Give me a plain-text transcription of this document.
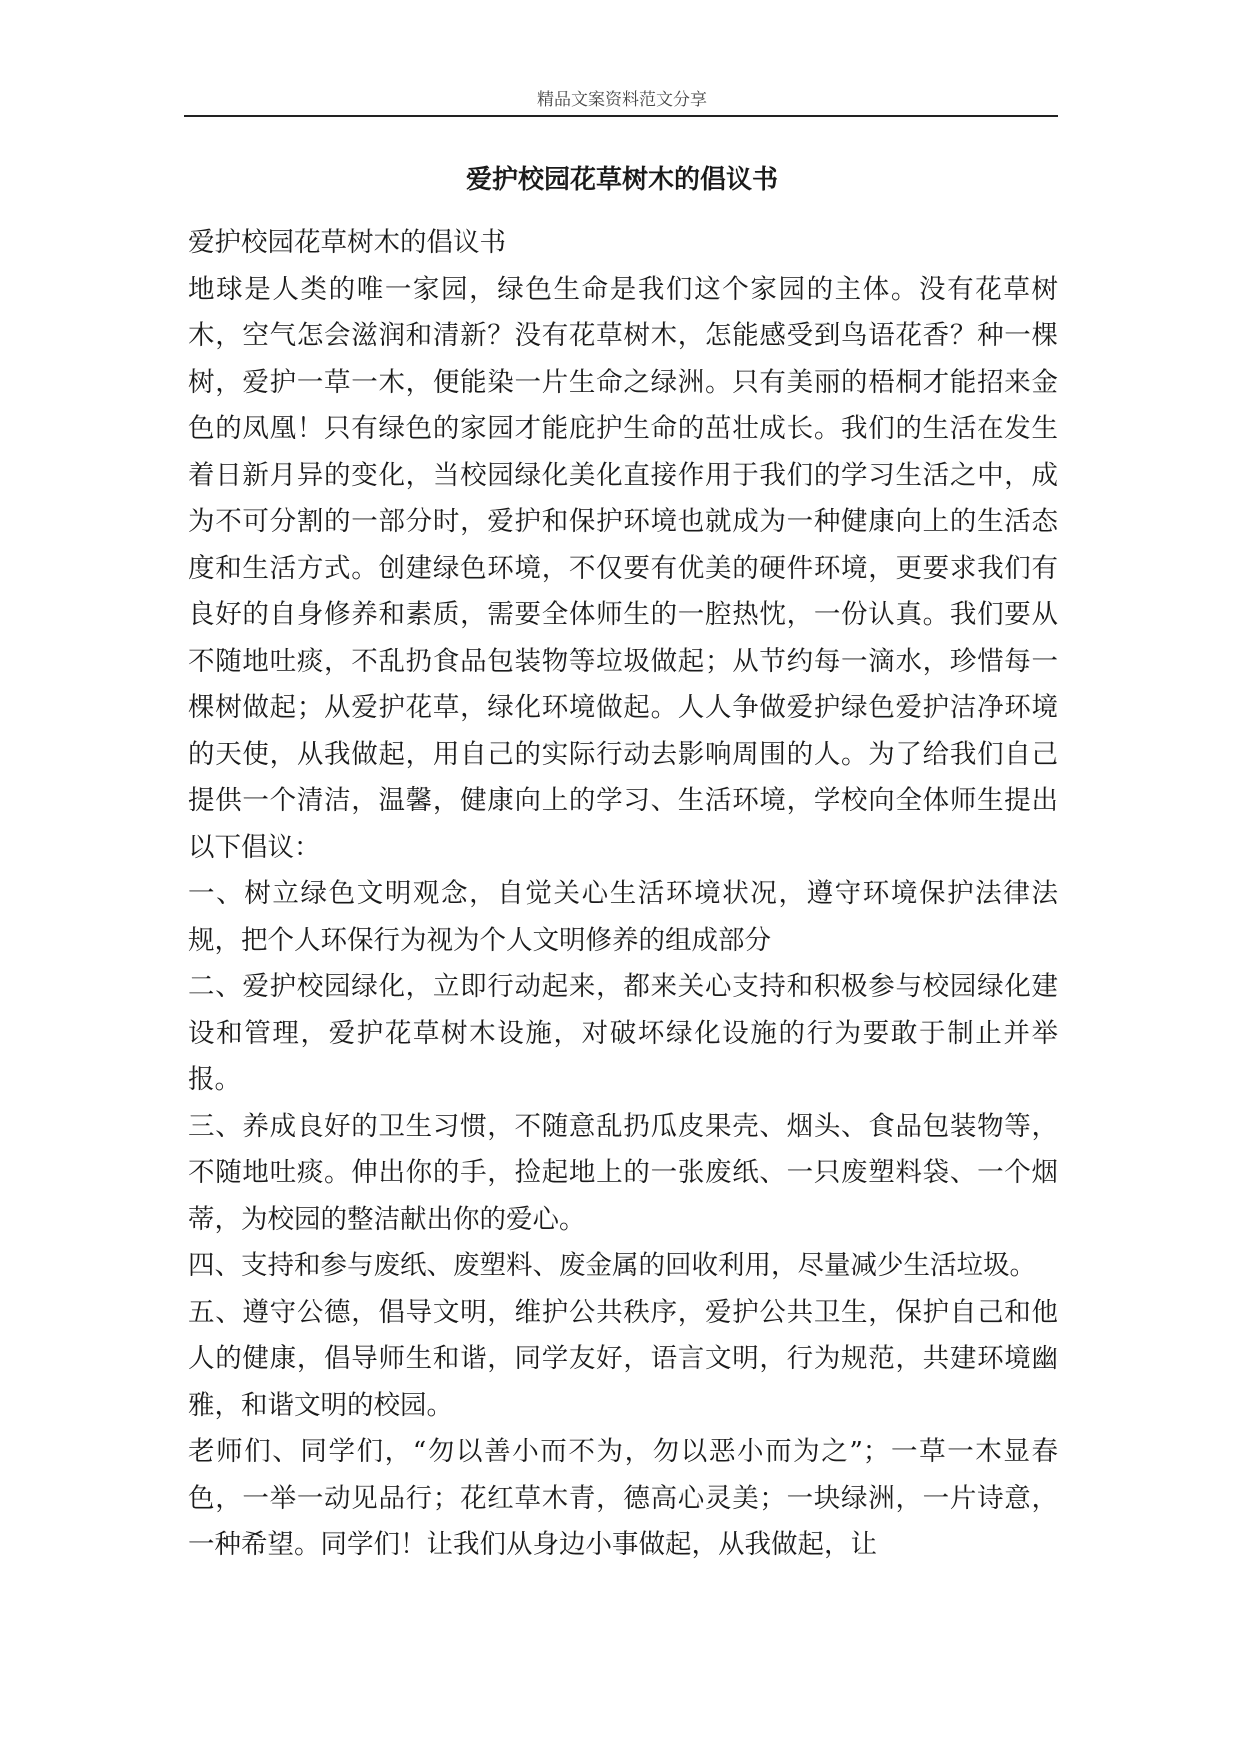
精品文案资料范文分享
爱护校园花草树木的倡议书

爱护校园花草树木的倡议书

地球是人类的唯一家园，绿色生命是我们这个家园的主体。没有花草树木，空气怎会滋润和清新？没有花草树木，怎能感受到鸟语花香？种一棵树，爱护一草一木，便能染一片生命之绿洲。只有美丽的梧桐才能招来金色的凤凰！只有绿色的家园才能庇护生命的茁壮成长。我们的生活在发生着日新月异的变化，当校园绿化美化直接作用于我们的学习生活之中，成为不可分割的一部分时，爱护和保护环境也就成为一种健康向上的生活态度和生活方式。创建绿色环境，不仅要有优美的硬件环境，更要求我们有良好的自身修养和素质，需要全体师生的一腔热忱，一份认真。我们要从不随地吐痰，不乱扔食品包装物等垃圾做起；从节约每一滴水，珍惜每一棵树做起；从爱护花草，绿化环境做起。人人争做爱护绿色爱护洁净环境的天使，从我做起，用自己的实际行动去影响周围的人。为了给我们自己提供一个清洁，温馨，健康向上的学习、生活环境，学校向全体师生提出以下倡议：

一、树立绿色文明观念，自觉关心生活环境状况，遵守环境保护法律法规，把个人环保行为视为个人文明修养的组成部分

二、爱护校园绿化，立即行动起来，都来关心支持和积极参与校园绿化建设和管理，爱护花草树木设施，对破坏绿化设施的行为要敢于制止并举报。

三、养成良好的卫生习惯，不随意乱扔瓜皮果壳、烟头、食品包装物等，不随地吐痰。伸出你的手，捡起地上的一张废纸、一只废塑料袋、一个烟蒂，为校园的整洁献出你的爱心。

四、支持和参与废纸、废塑料、废金属的回收利用，尽量减少生活垃圾。

五、遵守公德，倡导文明，维护公共秩序，爱护公共卫生，保护自己和他人的健康，倡导师生和谐，同学友好，语言文明，行为规范，共建环境幽雅，和谐文明的校园。

老师们、同学们，“勿以善小而不为，勿以恶小而为之”；一草一木显春色，一举一动见品行；花红草木青，德高心灵美；一块绿洲，一片诗意，一种希望。同学们！让我们从身边小事做起，从我做起，让
